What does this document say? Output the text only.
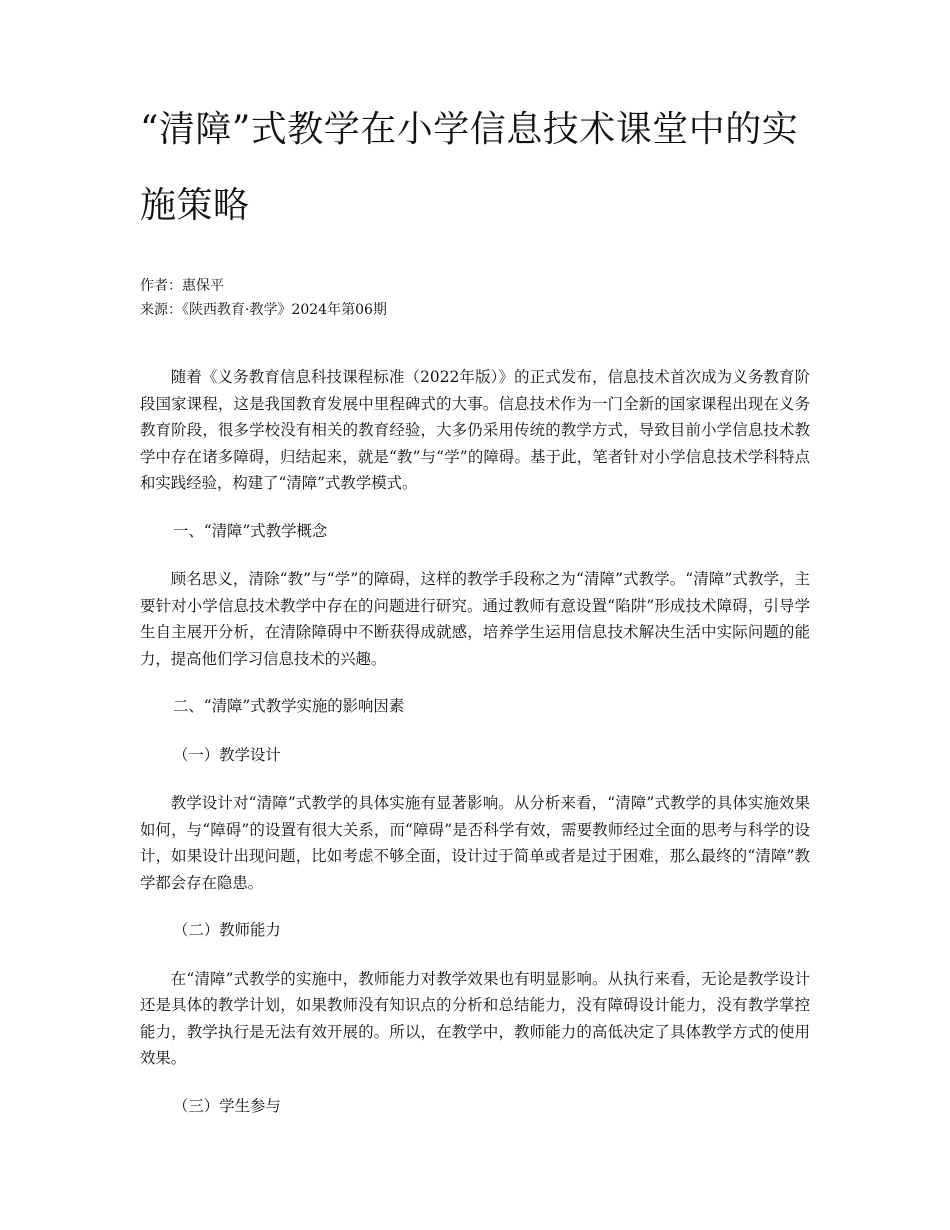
“清障”式教学在小学信息技术课堂中的实施策略
作者：惠保平
来源：《陕西教育·教学》2024年第06期

随着《义务教育信息科技课程标准（2022年版）》的正式发布，信息技术首次成为义务教育阶段国家课程，这是我国教育发展中里程碑式的大事。信息技术作为一门全新的国家课程出现在义务教育阶段，很多学校没有相关的教育经验，大多仍采用传统的教学方式，导致目前小学信息技术教学中存在诸多障碍，归结起来，就是“教”与“学”的障碍。基于此，笔者针对小学信息技术学科特点和实践经验，构建了“清障”式教学模式。

一、“清障”式教学概念

顾名思义，清除“教”与“学”的障碍，这样的教学手段称之为“清障”式教学。“清障”式教学，主要针对小学信息技术教学中存在的问题进行研究。通过教师有意设置“陷阱”形成技术障碍，引导学生自主展开分析，在清除障碍中不断获得成就感，培养学生运用信息技术解决生活中实际问题的能力，提高他们学习信息技术的兴趣。

二、“清障”式教学实施的影响因素

（一）教学设计

教学设计对“清障”式教学的具体实施有显著影响。从分析来看，“清障”式教学的具体实施效果如何，与“障碍”的设置有很大关系，而“障碍”是否科学有效，需要教师经过全面的思考与科学的设计，如果设计出现问题，比如考虑不够全面，设计过于简单或者是过于困难，那么最终的“清障”教学都会存在隐患。

（二）教师能力

在“清障”式教学的实施中，教师能力对教学效果也有明显影响。从执行来看，无论是教学设计还是具体的教学计划，如果教师没有知识点的分析和总结能力，没有障碍设计能力，没有教学掌控能力，教学执行是无法有效开展的。所以，在教学中，教师能力的高低决定了具体教学方式的使用效果。

（三）学生参与
